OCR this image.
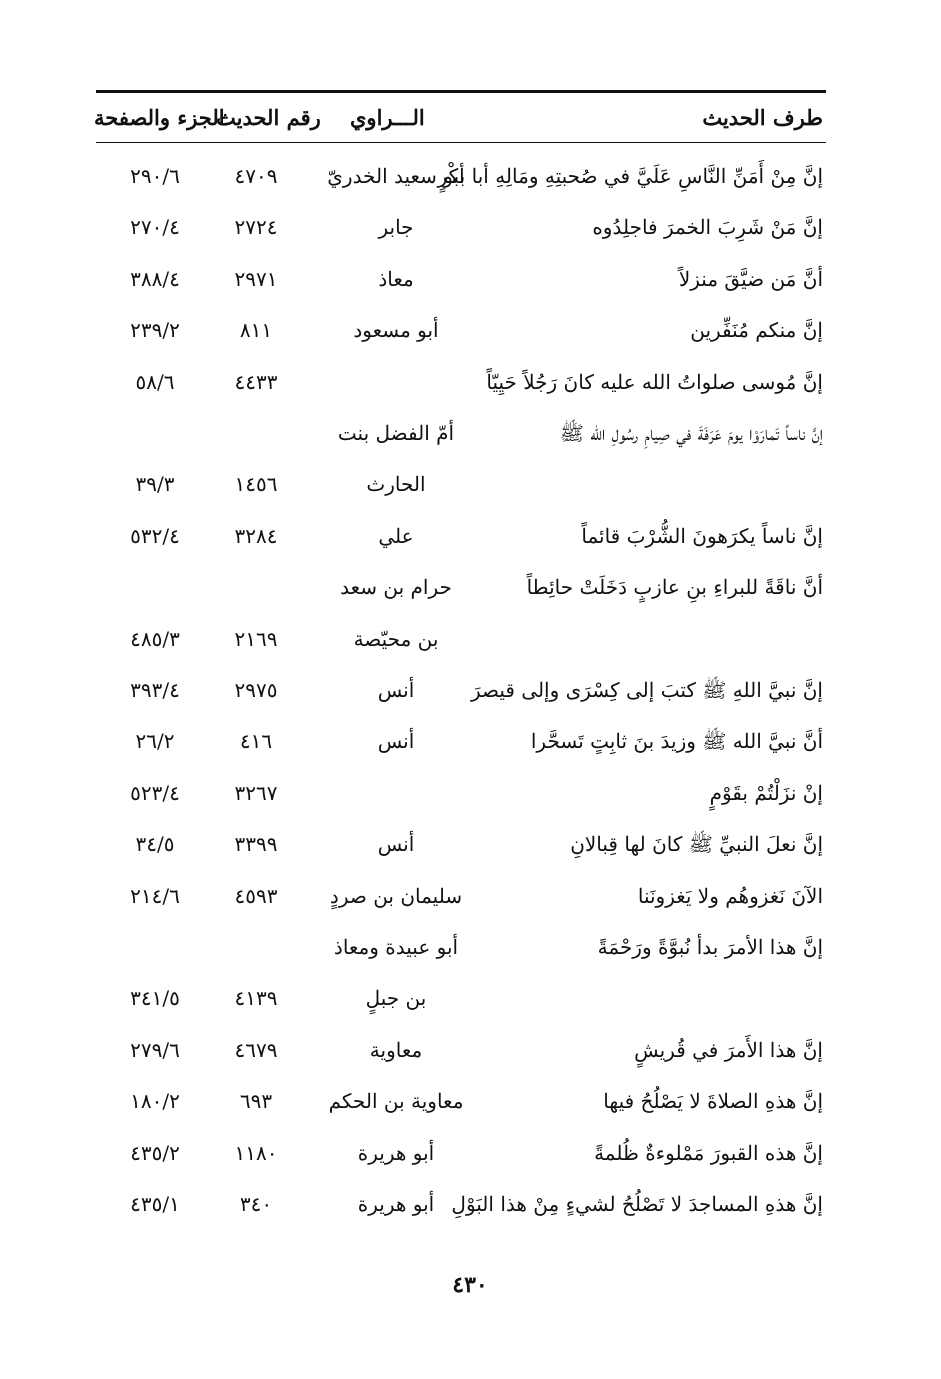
طرف الحديث
الـــراوي
رقم الحديث
الجزء والصفحة
إنَّ مِنْ أَمَنِّ النَّاسِ عَلَيَّ في صُحبتِهِ ومَالِهِ أبا بكْرٍ
أبو سعيد الخدريّ
٤٧٠٩
٢٩٠/٦
إنَّ مَنْ شَرِبَ الخمرَ فاجلِدُوه
جابر
٢٧٢٤
٢٧٠/٤
أنَّ مَن ضيَّقَ منزلاً
معاذ
٢٩٧١
٣٨٨/٤
إنَّ منكم مُنَفِّرين
أبو مسعود
٨١١
٢٣٩/٢
إنَّ مُوسى صلواتُ الله عليه كانَ رَجُلاً حَيِيّاً
٤٤٣٣
٥٨/٦
إنَّ ناساً تَمارَوْا يومَ عَرَفَةَ في صِيامِ رسُولِ الله ﷺ
أمّ الفضل بنت
الحارث
١٤٥٦
٣٩/٣
إنَّ ناساً يكرَهونَ الشُّرْبَ قائماً
علي
٣٢٨٤
٥٣٢/٤
أنَّ ناقَةً للبراءِ بنِ عازبٍ دَخَلَتْ حائِطاً
حرام بن سعد
بن محيّصة
٢١٦٩
٤٨٥/٣
إنَّ نبيَّ اللهِ ﷺ كتبَ إلى كِسْرَى وإلى قيصرَ
أنس
٢٩٧٥
٣٩٣/٤
أنَّ نبيَّ الله ﷺ وزيدَ بنَ ثابِتٍ تَسحَّرا
أنس
٤١٦
٢٦/٢
إنْ نزَلْتُمْ بقَوْمٍ
٣٢٦٧
٥٢٣/٤
إنَّ نعلَ النبيِّ ﷺ كانَ لها قِبالانِ
أنس
٣٣٩٩
٣٤/٥
الآنَ نَغزوهُم ولا يَغزونَنا
سليمان بن صردٍ
٤٥٩٣
٢١٤/٦
إنَّ هذا الأمرَ بدأ نُبوَّةً ورَحْمَةً
أبو عبيدة ومعاذ
بن جبلٍ
٤١٣٩
٣٤١/٥
إنَّ هذا الأَمرَ في قُريشٍ
معاوية
٤٦٧٩
٢٧٩/٦
إنَّ هذهِ الصلاةَ لا يَصْلُحُ فيها
معاوية بن الحكم
٦٩٣
١٨٠/٢
إنَّ هذه القبورَ مَمْلوءةٌ ظُلمةً
أبو هريرة
١١٨٠
٤٣٥/٢
إنَّ هذهِ المساجدَ لا تَصْلُحُ لشيءٍ مِنْ هذا البَوْلِ
أبو هريرة
٣٤٠
٤٣٥/١
٤٣٠
